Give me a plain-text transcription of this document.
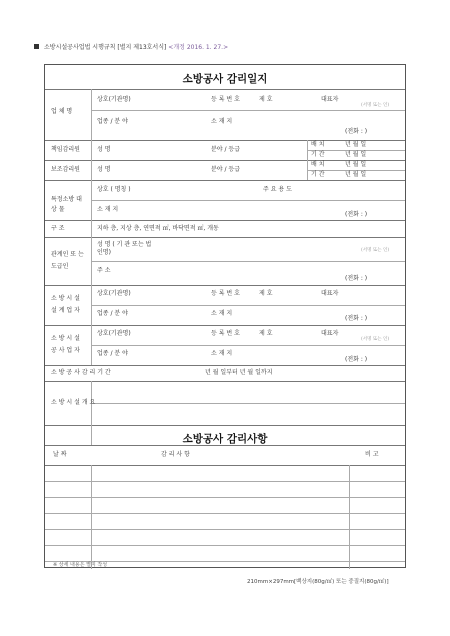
소방시설공사업법 시행규칙 [별지 제13호서식] <개정 2016. 1. 27.>
소방공사 감리일지
업 체 명
상호(기관명)	등 록 번 호	제 호	대표자
(서명 또는 인)
업종 / 분 야	소 재 지
(전화 : )
책임감리원	성 명	분야 / 등급
배 치	년 월 일
기 간	년 월 일
보조감리원	성 명	분야 / 등급
배 치	년 월 일
기 간	년 월 일
특정소방 대 상 물
상호 ( 명칭 )	주 요 용 도
소 재 지
(전화 : )
구 조	지하 층, 지상 층, 연면적 ㎡, 바닥면적 ㎡, 개동
관계인 또 는 도급인
성 명 ( 기 관 또는 법인명)	(서명 또는 인)
주 소
(전화 : )
소 방 시 설 설 계 업 자
상호(기관명)	등 록 번 호	제 호	대표자
업종 / 분 야	소 재 지
(전화 : )
소 방 시 설 공 사 업 자
상호(기관명)	등 록 번 호	제 호	대표자
(서명 또는 인)
업종 / 분 야	소 재 지
(전화 : )
소 방 공 사 감 리 기 간	년 월 일부터 년 월 일까지
소 방 시 설 개 요
소방공사 감리사항
날 짜	감 리 사 항	비 고
※ 상세 내용은 별지 작성
210mm×297mm[백상지(80g/㎡) 또는 중질지(80g/㎡)]
